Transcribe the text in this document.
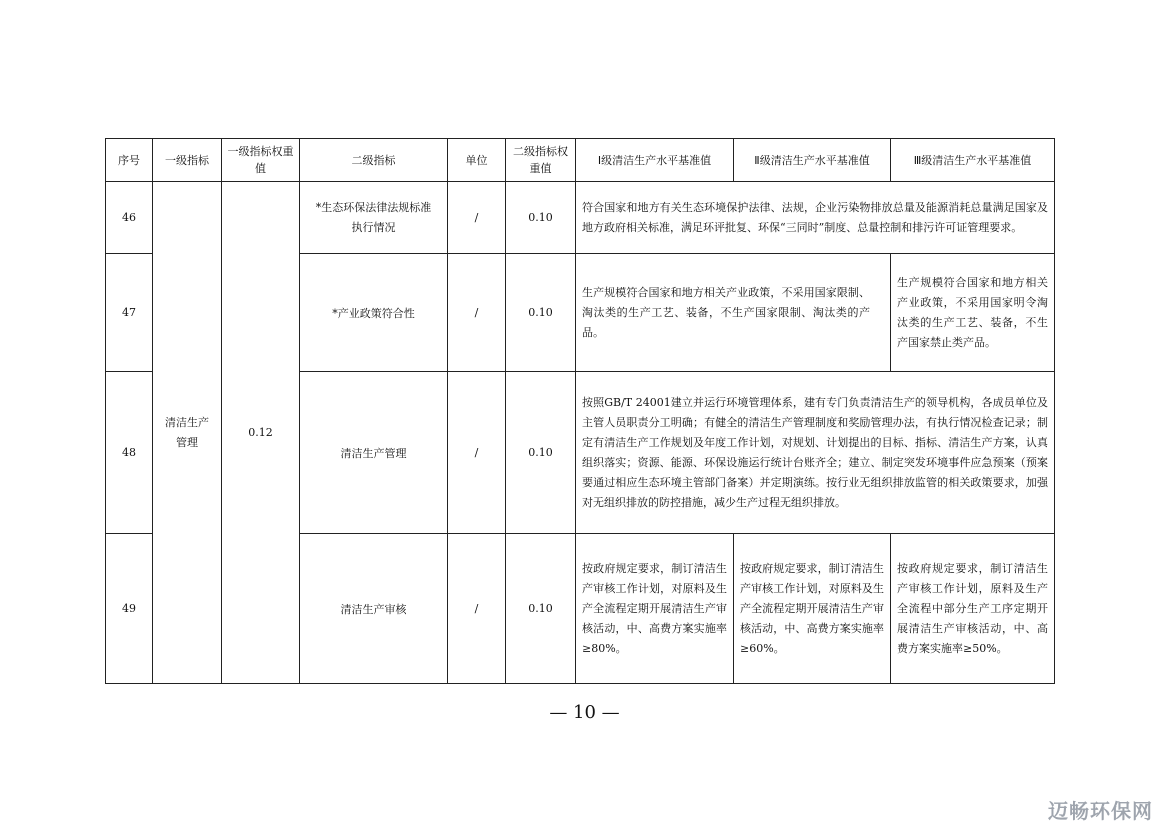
序号	一级指标	一级指标权重值	二级指标	单位	二级指标权重值	Ⅰ级清洁生产水平基准值	Ⅱ级清洁生产水平基准值	Ⅲ级清洁生产水平基准值
46	清洁生产管理	0.12	*生态环保法律法规标准执行情况	/	0.10	符合国家和地方有关生态环境保护法律、法规，企业污染物排放总量及能源消耗总量满足国家及地方政府相关标准，满足环评批复、环保“三同时”制度、总量控制和排污许可证管理要求。		
47			*产业政策符合性	/	0.10	生产规模符合国家和地方相关产业政策，不采用国家限制、淘汰类的生产工艺、装备，不生产国家限制、淘汰类的产品。		生产规模符合国家和地方相关产业政策，不采用国家明令淘汰类的生产工艺、装备，不生产国家禁止类产品。
48			清洁生产管理	/	0.10	按照GB/T 24001建立并运行环境管理体系，建有专门负责清洁生产的领导机构，各成员单位及主管人员职责分工明确；有健全的清洁生产管理制度和奖励管理办法，有执行情况检查记录；制定有清洁生产工作规划及年度工作计划，对规划、计划提出的目标、指标、清洁生产方案，认真组织落实；资源、能源、环保设施运行统计台账齐全；建立、制定突发环境事件应急预案（预案要通过相应生态环境主管部门备案）并定期演练。按行业无组织排放监管的相关政策要求，加强对无组织排放的防控措施，减少生产过程无组织排放。		
49			清洁生产审核	/	0.10	按政府规定要求，制订清洁生产审核工作计划，对原料及生产全流程定期开展清洁生产审核活动，中、高费方案实施率≥80%。	按政府规定要求，制订清洁生产审核工作计划，对原料及生产全流程定期开展清洁生产审核活动，中、高费方案实施率≥60%。	按政府规定要求，制订清洁生产审核工作计划，原料及生产全流程中部分生产工序定期开展清洁生产审核活动，中、高费方案实施率≥50%。
— 10 —
迈畅环保网
